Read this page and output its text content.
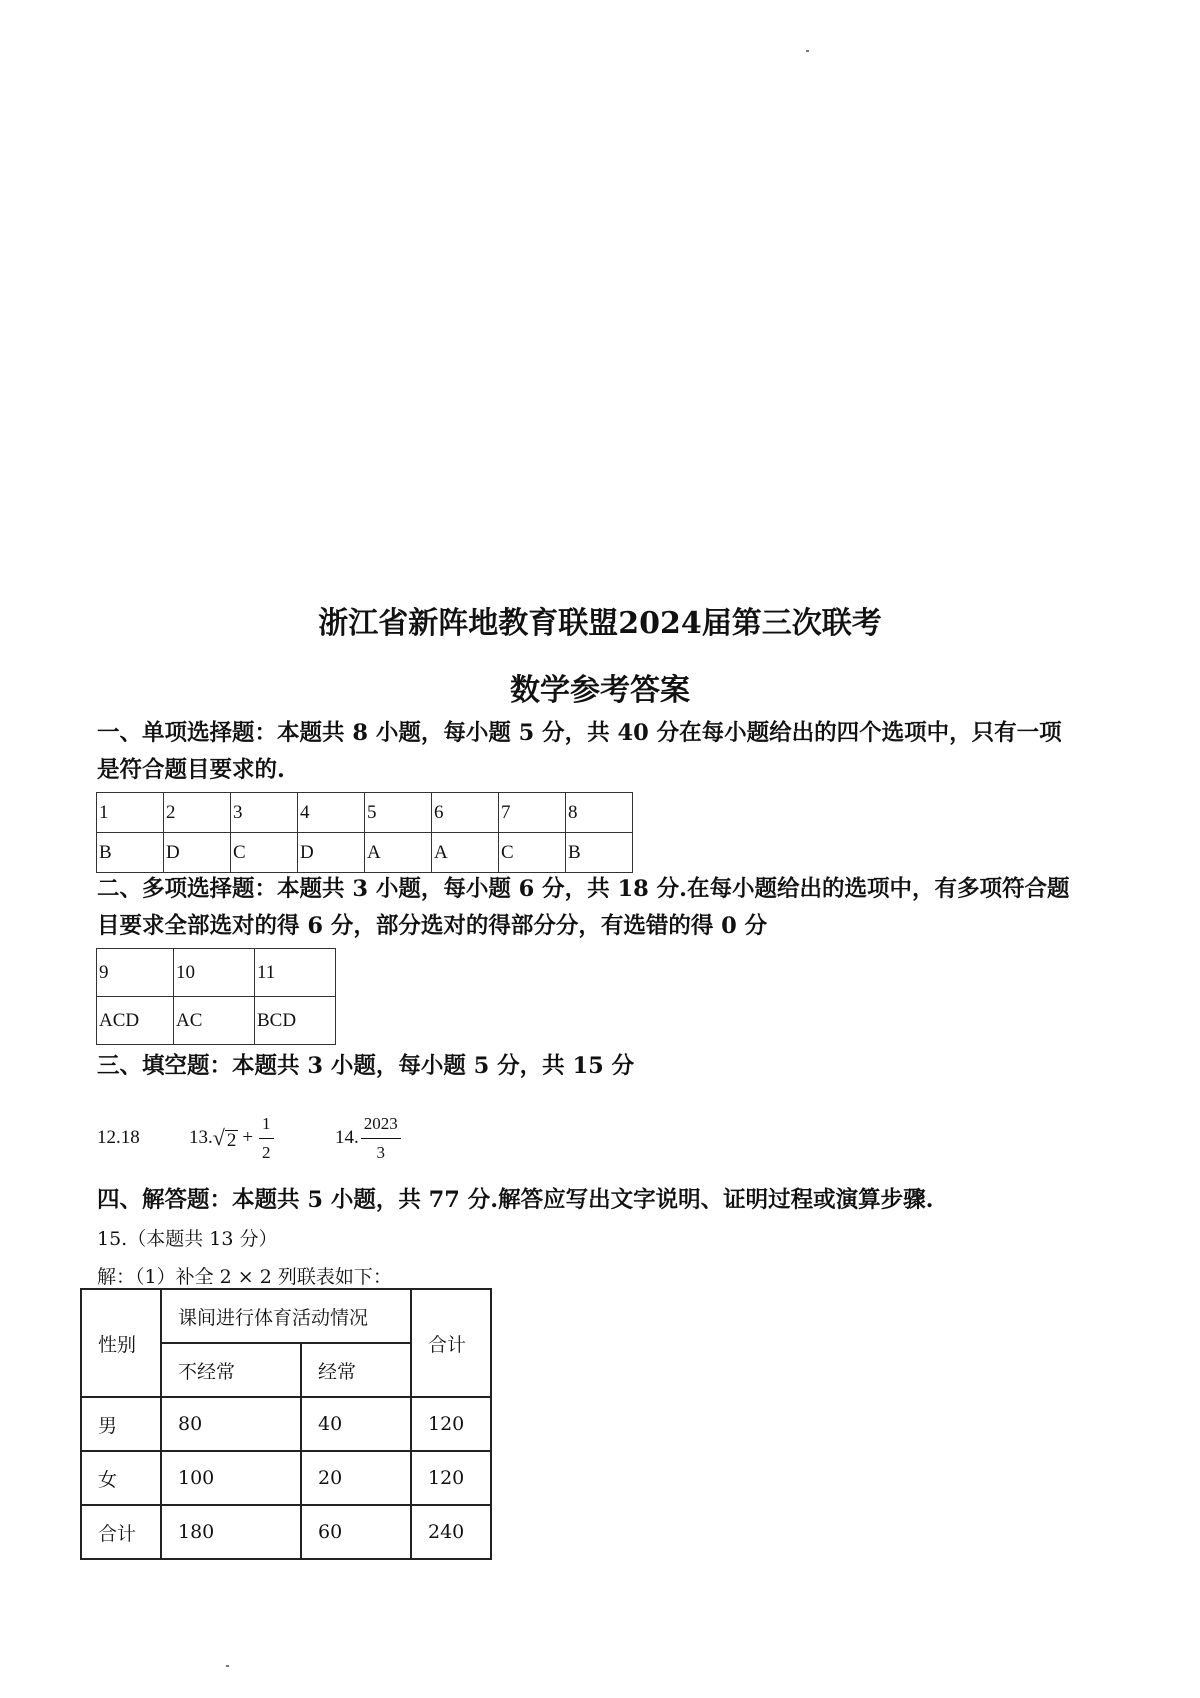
浙江省新阵地教育联盟2024届第三次联考
数学参考答案
一、单项选择题：本题共 8 小题，每小题 5 分，共 40 分在每小题给出的四个选项中，只有一项
是符合题目要求的.
1	2	3	4	5	6	7	8
B	D	C	D	A	A	C	B
二、多项选择题：本题共 3 小题，每小题 6 分，共 18 分.在每小题给出的选项中，有多项符合题
目要求全部选对的得 6 分，部分选对的得部分分，有选错的得 0 分
9	10	11
ACD	AC	BCD
三、填空题：本题共 3 小题，每小题 5 分，共 15 分
12.18	13. √ $2 + \frac{1}{2}$	14. $\frac{2023}{3}$
四、解答题：本题共 5 小题，共 77 分.解答应写出文字说明、证明过程或演算步骤.
15.（本题共 13 分）
解：（1）补全 2 × 2 列联表如下：
性别	课间进行体育活动情况		合计
	不经常	经常	
男	80	40	120
女	100	20	120
合计	180	60	240
